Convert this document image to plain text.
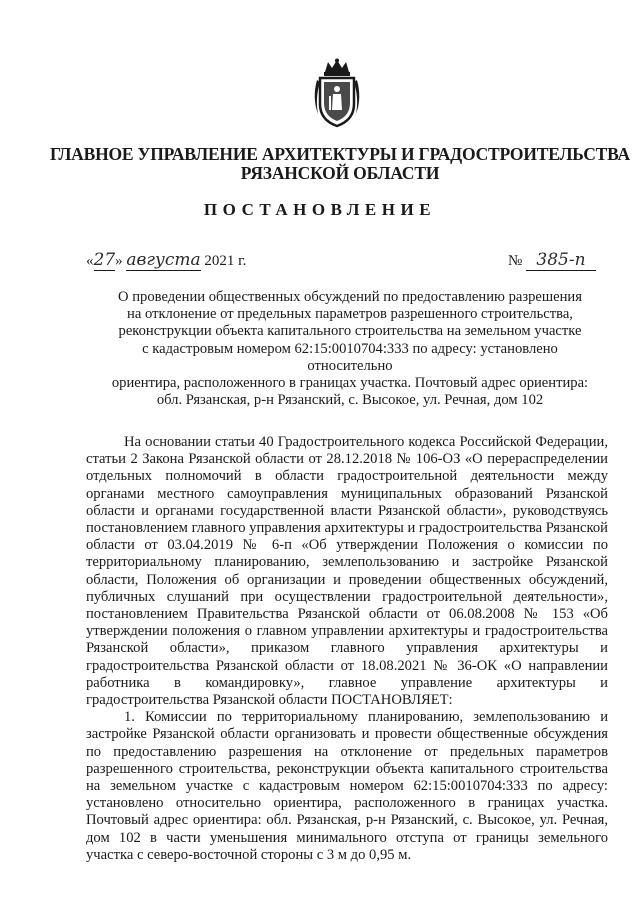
ГЛАВНОЕ УПРАВЛЕНИЕ АРХИТЕКТУРЫ И ГРАДОСТРОИТЕЛЬСТВА
РЯЗАНСКОЙ ОБЛАСТИ
ПОСТАНОВЛЕНИЕ
«27» августа 2021 г.	№ 385-п
О проведении общественных обсуждений по предоставлению разрешения
на отклонение от предельных параметров разрешенного строительства,
реконструкции объекта капитального строительства на земельном участке
с кадастровым номером 62:15:0010704:333 по адресу: установлено относительно
ориентира, расположенного в границах участка. Почтовый адрес ориентира:
обл. Рязанская, р-н Рязанский, с. Высокое, ул. Речная, дом 102

На основании статьи 40 Градостроительного кодекса Российской Федерации, статьи 2 Закона Рязанской области от 28.12.2018 № 106-ОЗ «О перераспределении отдельных полномочий в области градостроительной деятельности между органами местного самоуправления муниципальных образований Рязанской области и органами государственной власти Рязанской области», руководствуясь постановлением главного управления архитектуры и градостроительства Рязанской области от 03.04.2019 № 6-п «Об утверждении Положения о комиссии по территориальному планированию, землепользованию и застройке Рязанской области, Положения об организации и проведении общественных обсуждений, публичных слушаний при осуществлении градостроительной деятельности», постановлением Правительства Рязанской области от 06.08.2008 № 153 «Об утверждении положения о главном управлении архитектуры и градостроительства Рязанской области», приказом главного управления архитектуры и градостроительства Рязанской области от 18.08.2021 № 36-ОК «О направлении работника в командировку», главное управление архитектуры и градостроительства Рязанской области ПОСТАНОВЛЯЕТ:

1. Комиссии по территориальному планированию, землепользованию и застройке Рязанской области организовать и провести общественные обсуждения по предоставлению разрешения на отклонение от предельных параметров разрешенного строительства, реконструкции объекта капитального строительства на земельном участке с кадастровым номером 62:15:0010704:333 по адресу: установлено относительно ориентира, расположенного в границах участка. Почтовый адрес ориентира: обл. Рязанская, р-н Рязанский, с. Высокое, ул. Речная, дом 102 в части уменьшения минимального отступа от границы земельного участка с северо-восточной стороны с 3 м до 0,95 м.
